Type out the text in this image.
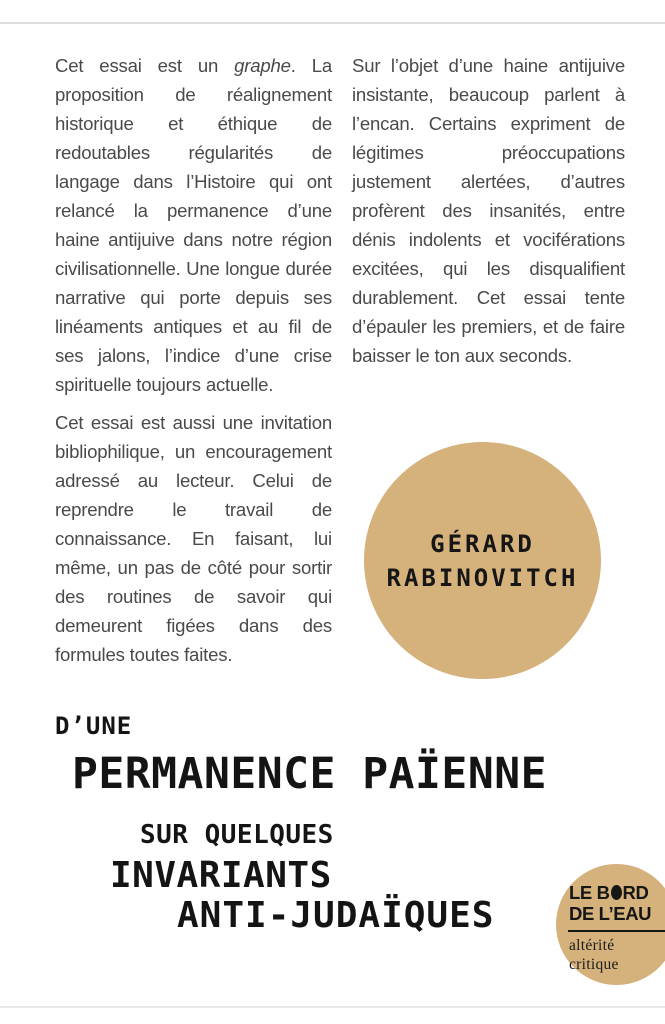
Cet essai est un graphe. La proposition de réalignement historique et éthique de redoutables régularités de langage dans l’Histoire qui ont relancé la permanence d’une haine antijuive dans notre région civilisationnelle. Une longue durée narrative qui porte depuis ses linéaments antiques et au fil de ses jalons, l’indice d’une crise spirituelle toujours actuelle.

Cet essai est aussi une invitation bibliophilique, un encouragement adressé au lecteur. Celui de reprendre le travail de connaissance. En faisant, lui même, un pas de côté pour sortir des routines de savoir qui demeurent figées dans des formules toutes faites.

Sur l’objet d’une haine antijuive insistante, beaucoup parlent à l’encan. Certains expriment de légitimes préoccupations justement alertées, d’autres profèrent des insanités, entre dénis indolents et vociférations excitées, qui les disqualifient durablement. Cet essai tente d’épauler les premiers, et de faire baisser le ton aux seconds.

GÉRARD
RABINOVITCH
D’UNE
PERMANENCE PAÏENNE
SUR QUELQUES
INVARIANTS
ANTI-JUDAÏQUES
LE B RD
DE L’EAU
altérité
critique
